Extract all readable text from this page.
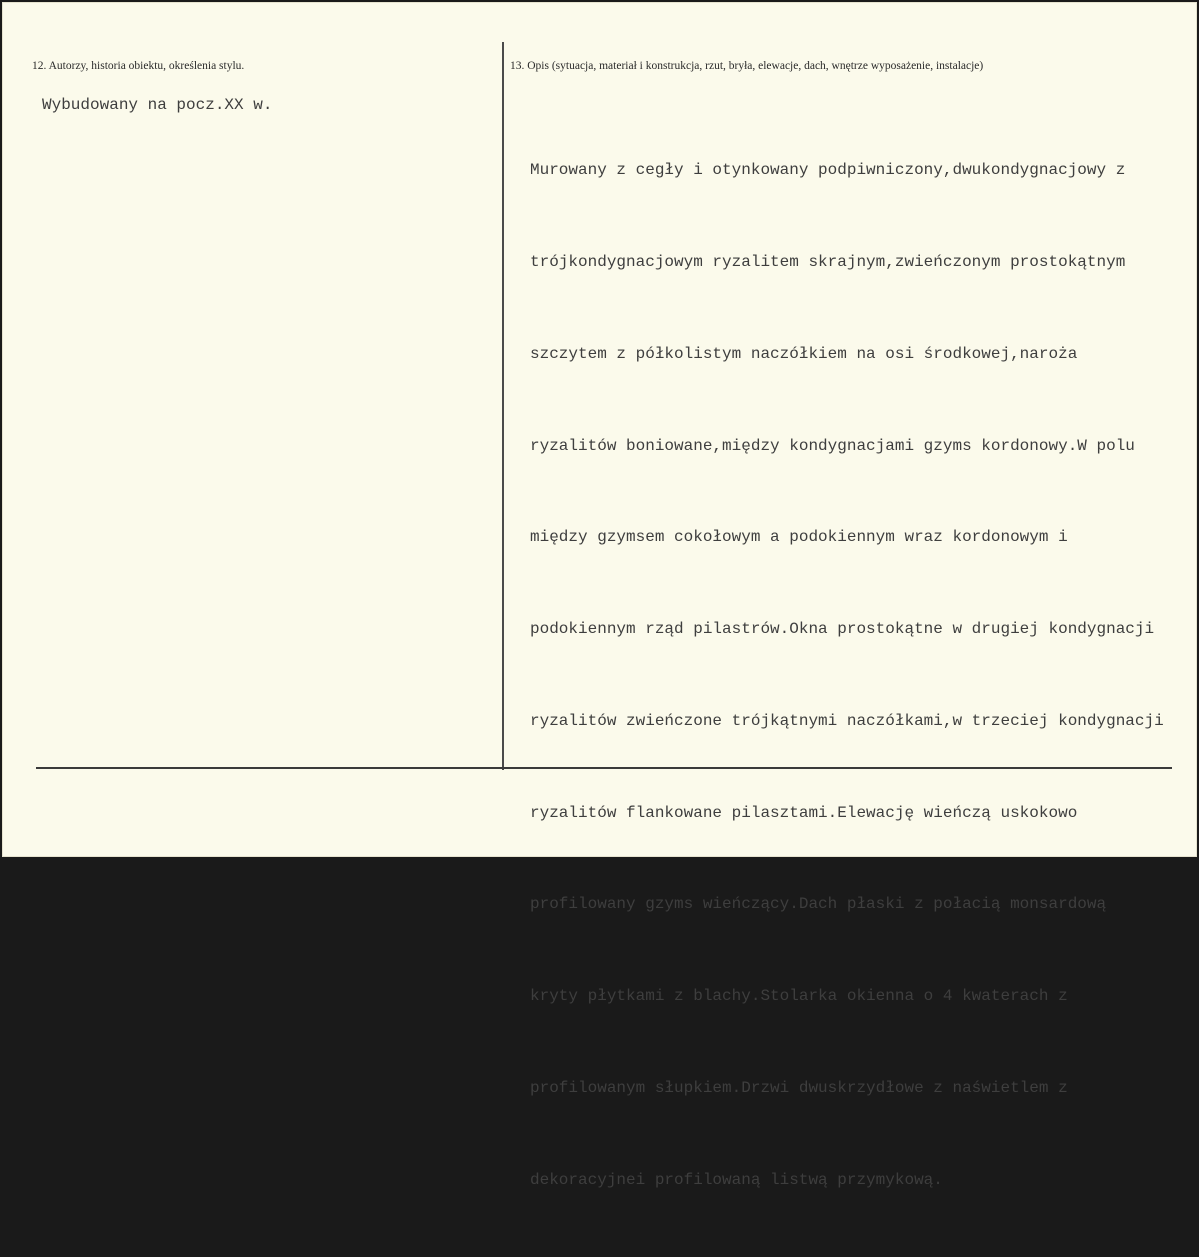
12. Autorzy, historia obiektu, określenia stylu.	13. Opis (sytuacja, materiał i konstrukcja, rzut, bryła, elewacje, dach, wnętrze wyposażenie, instalacje)
Wybudowany na pocz.XX w.

Murowany z cegły i otynkowany podpiwniczony,dwukondygnacjowy z

trójkondygnacjowym ryzalitem skrajnym,zwieńczonym prostokątnym

szczytem z półkolistym naczółkiem na osi środkowej,naroża

ryzalitów boniowane,między kondygnacjami gzyms kordonowy.W polu

między gzymsem cokołowym a podokiennym wraz kordonowym i

podokiennym rząd pilastrów.Okna prostokątne w drugiej kondygnacji

ryzalitów zwieńczone trójkątnymi naczółkami,w trzeciej kondygnacji

ryzalitów flankowane pilasztami.Elewację wieńczą uskokowo

profilowany gzyms wieńczący.Dach płaski z połacią monsardową

kryty płytkami z blachy.Stolarka okienna o 4 kwaterach z

profilowanym słupkiem.Drzwi dwuskrzydłowe z naświetlem z

dekoracyjnei profilowaną listwą przymykową.
